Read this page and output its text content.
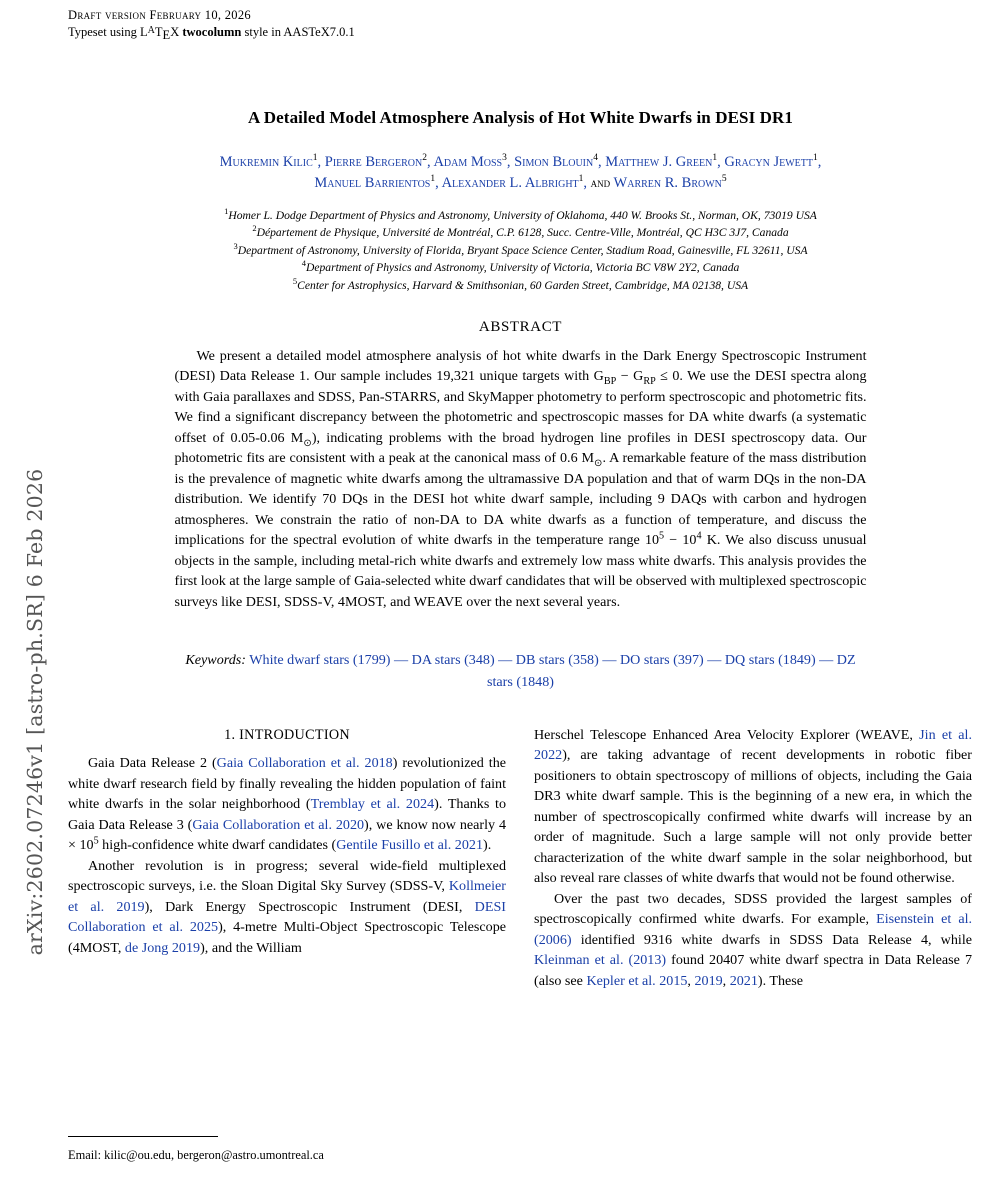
arXiv:2602.07246v1 [astro-ph.SR] 6 Feb 2026
Draft version February 10, 2026
Typeset using $L^ATEX$ twocolumn style in AASTeX7.0.1
A Detailed Model Atmosphere Analysis of Hot White Dwarfs in DESI DR1
Mukremin Kilic$^1$, Pierre Bergeron$^2$, Adam Moss$^3$, Simon Blouin$^4$, Matthew J. Green$^1$, Gracyn Jewett$^1$,
Manuel Barrientos$^1$, Alexander L. Albright$^1$, and Warren R. Brown$^5$
$^1$Homer L. Dodge Department of Physics and Astronomy, University of Oklahoma, 440 W. Brooks St., Norman, OK, 73019 USA
$^2$Département de Physique, Université de Montréal, C.P. 6128, Succ. Centre-Ville, Montréal, QC H3C 3J7, Canada
$^3$Department of Astronomy, University of Florida, Bryant Space Science Center, Stadium Road, Gainesville, FL 32611, USA
$^4$Department of Physics and Astronomy, University of Victoria, Victoria BC V8W 2Y2, Canada
$^5$Center for Astrophysics, Harvard & Smithsonian, 60 Garden Street, Cambridge, MA 02138, USA
ABSTRACT
We present a detailed model atmosphere analysis of hot white dwarfs in the Dark Energy Spectroscopic Instrument (DESI) Data Release 1. Our sample includes 19,321 unique targets with $G_{BP} - G_{RP} \le 0$. We use the DESI spectra along with Gaia parallaxes and SDSS, Pan-STARRS, and SkyMapper photometry to perform spectroscopic and photometric fits. We find a significant discrepancy between the photometric and spectroscopic masses for DA white dwarfs (a systematic offset of 0.05-0.06 $M_⊙$), indicating problems with the broad hydrogen line profiles in DESI spectroscopy data. Our photometric fits are consistent with a peak at the canonical mass of 0.6 $M_⊙$. A remarkable feature of the mass distribution is the prevalence of magnetic white dwarfs among the ultramassive DA population and that of warm DQs in the non-DA distribution. We identify 70 DQs in the DESI hot white dwarf sample, including 9 DAQs with carbon and hydrogen atmospheres. We constrain the ratio of non-DA to DA white dwarfs as a function of temperature, and discuss the implications for the spectral evolution of white dwarfs in the temperature range $10^5 - 10^4$ K. We also discuss unusual objects in the sample, including metal-rich white dwarfs and extremely low mass white dwarfs. This analysis provides the first look at the large sample of Gaia-selected white dwarf candidates that will be observed with multiplexed spectroscopic surveys like DESI, SDSS-V, 4MOST, and WEAVE over the next several years.
Keywords: White dwarf stars (1799) — DA stars (348) — DB stars (358) — DO stars (397) — DQ stars (1849) — DZ stars (1848)
1. INTRODUCTION

Gaia Data Release 2 (Gaia Collaboration et al. 2018) revolutionized the white dwarf research field by finally revealing the hidden population of faint white dwarfs in the solar neighborhood (Tremblay et al. 2024). Thanks to Gaia Data Release 3 (Gaia Collaboration et al. 2020), we know now nearly $4 \times 10^5$ high-confidence white dwarf candidates (Gentile Fusillo et al. 2021).

Another revolution is in progress; several wide-field multiplexed spectroscopic surveys, i.e. the Sloan Digital Sky Survey (SDSS-V, Kollmeier et al. 2019), Dark Energy Spectroscopic Instrument (DESI, DESI Collaboration et al. 2025), 4-metre Multi-Object Spectroscopic Telescope (4MOST, de Jong 2019), and the William

Herschel Telescope Enhanced Area Velocity Explorer (WEAVE, Jin et al. 2022), are taking advantage of recent developments in robotic fiber positioners to obtain spectroscopy of millions of objects, including the Gaia DR3 white dwarf sample. This is the beginning of a new era, in which the number of spectroscopically confirmed white dwarfs will increase by an order of magnitude. Such a large sample will not only provide better characterization of the white dwarf sample in the solar neighborhood, but also reveal rare classes of white dwarfs that would not be found otherwise.

Over the past two decades, SDSS provided the largest samples of spectroscopically confirmed white dwarfs. For example, Eisenstein et al. (2006) identified 9316 white dwarfs in SDSS Data Release 4, while Kleinman et al. (2013) found 20407 white dwarf spectra in Data Release 7 (also see Kepler et al. 2015, 2019, 2021). These

Email: kilic@ou.edu, bergeron@astro.umontreal.ca
